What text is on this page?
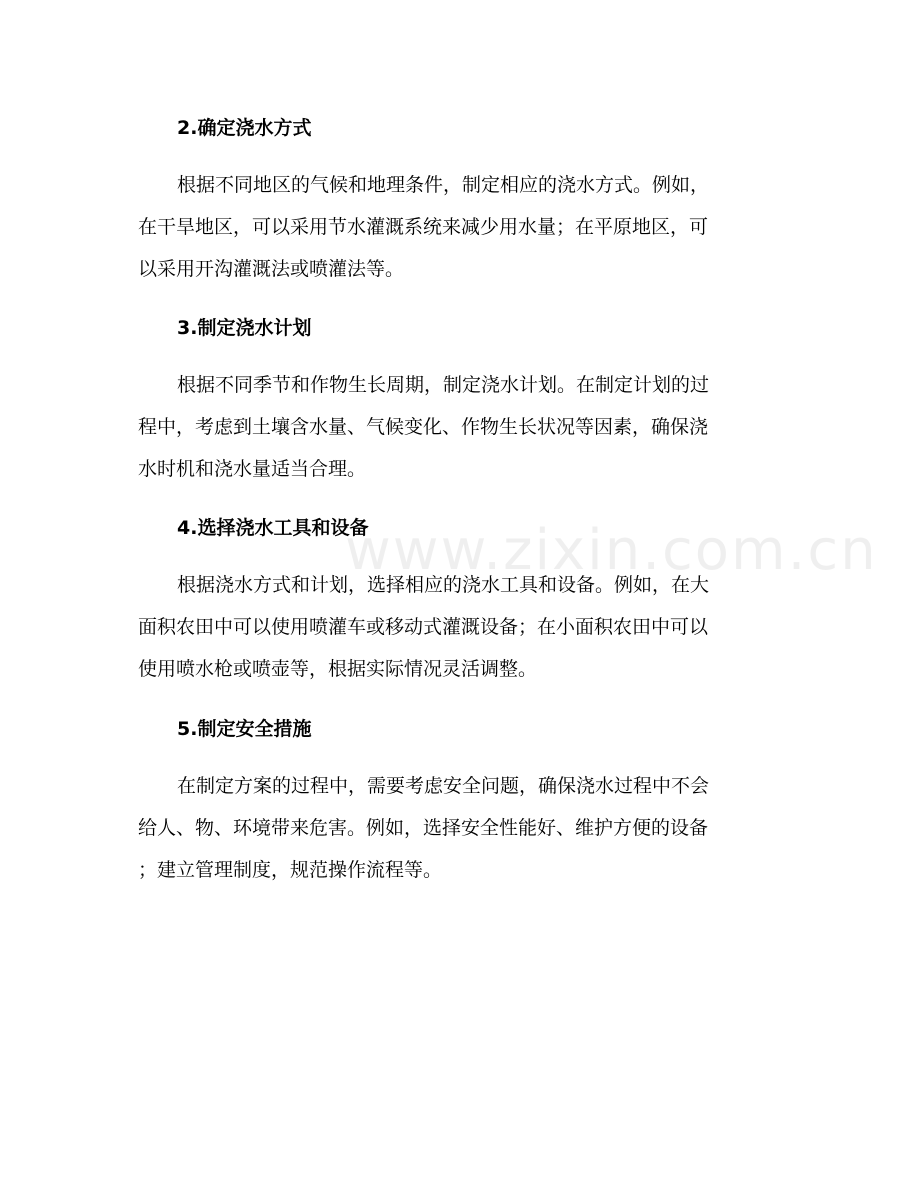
www.zixin.com.cn
2.确定浇水方式
根据不同地区的气候和地理条件，制定相应的浇水方式。例如，
在干旱地区，可以采用节水灌溉系统来减少用水量；在平原地区，可
以采用开沟灌溉法或喷灌法等。
3.制定浇水计划
根据不同季节和作物生长周期，制定浇水计划。在制定计划的过
程中，考虑到土壤含水量、气候变化、作物生长状况等因素，确保浇
水时机和浇水量适当合理。
4.选择浇水工具和设备
根据浇水方式和计划，选择相应的浇水工具和设备。例如，在大
面积农田中可以使用喷灌车或移动式灌溉设备；在小面积农田中可以
使用喷水枪或喷壶等，根据实际情况灵活调整。
5.制定安全措施
在制定方案的过程中，需要考虑安全问题，确保浇水过程中不会
给人、物、环境带来危害。例如，选择安全性能好、维护方便的设备
；建立管理制度，规范操作流程等。
